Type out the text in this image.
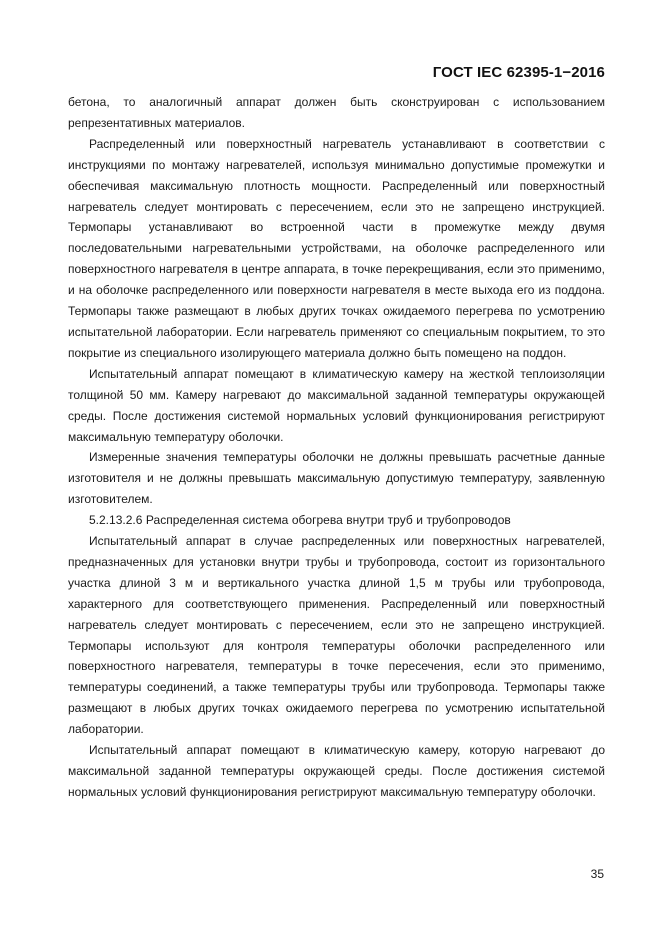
ГОСТ IEC 62395-1−2016

бетона, то аналогичный аппарат должен быть сконструирован с использованием репрезентативных материалов.

Распределенный или поверхностный нагреватель устанавливают в соответствии с инструкциями по монтажу нагревателей, используя минимально допустимые промежутки и обеспечивая максимальную плотность мощности. Распределенный или поверхностный нагреватель следует монтировать с пересечением, если это не запрещено инструкцией. Термопары устанавливают во встроенной части в промежутке между двумя последовательными нагревательными устройствами, на оболочке распределенного или поверхностного нагревателя в центре аппарата, в точке перекрещивания, если это применимо, и на оболочке распределенного или поверхности нагревателя в месте выхода его из поддона. Термопары также размещают в любых других точках ожидаемого перегрева по усмотрению испытательной лаборатории. Если нагреватель применяют со специальным покрытием, то это покрытие из специального изолирующего материала должно быть помещено на поддон.

Испытательный аппарат помещают в климатическую камеру на жесткой теплоизоляции толщиной 50 мм. Камеру нагревают до максимальной заданной температуры окружающей среды. После достижения системой нормальных условий функционирования регистрируют максимальную температуру оболочки.

Измеренные значения температуры оболочки не должны превышать расчетные данные изготовителя и не должны превышать максимальную допустимую температуру, заявленную изготовителем.

5.2.13.2.6 Распределенная система обогрева внутри труб и трубопроводов

Испытательный аппарат в случае распределенных или поверхностных нагревателей, предназначенных для установки внутри трубы и трубопровода, состоит из горизонтального участка длиной 3 м и вертикального участка длиной 1,5 м трубы или трубопровода, характерного для соответствующего применения. Распределенный или поверхностный нагреватель следует монтировать с пересечением, если это не запрещено инструкцией. Термопары используют для контроля температуры оболочки распределенного или поверхностного нагревателя, температуры в точке пересечения, если это применимо, температуры соединений, а также температуры трубы или трубопровода. Термопары также размещают в любых других точках ожидаемого перегрева по усмотрению испытательной лаборатории.

Испытательный аппарат помещают в климатическую камеру, которую нагревают до максимальной заданной температуры окружающей среды. После достижения системой нормальных условий функционирования регистрируют максимальную температуру оболочки.

35
